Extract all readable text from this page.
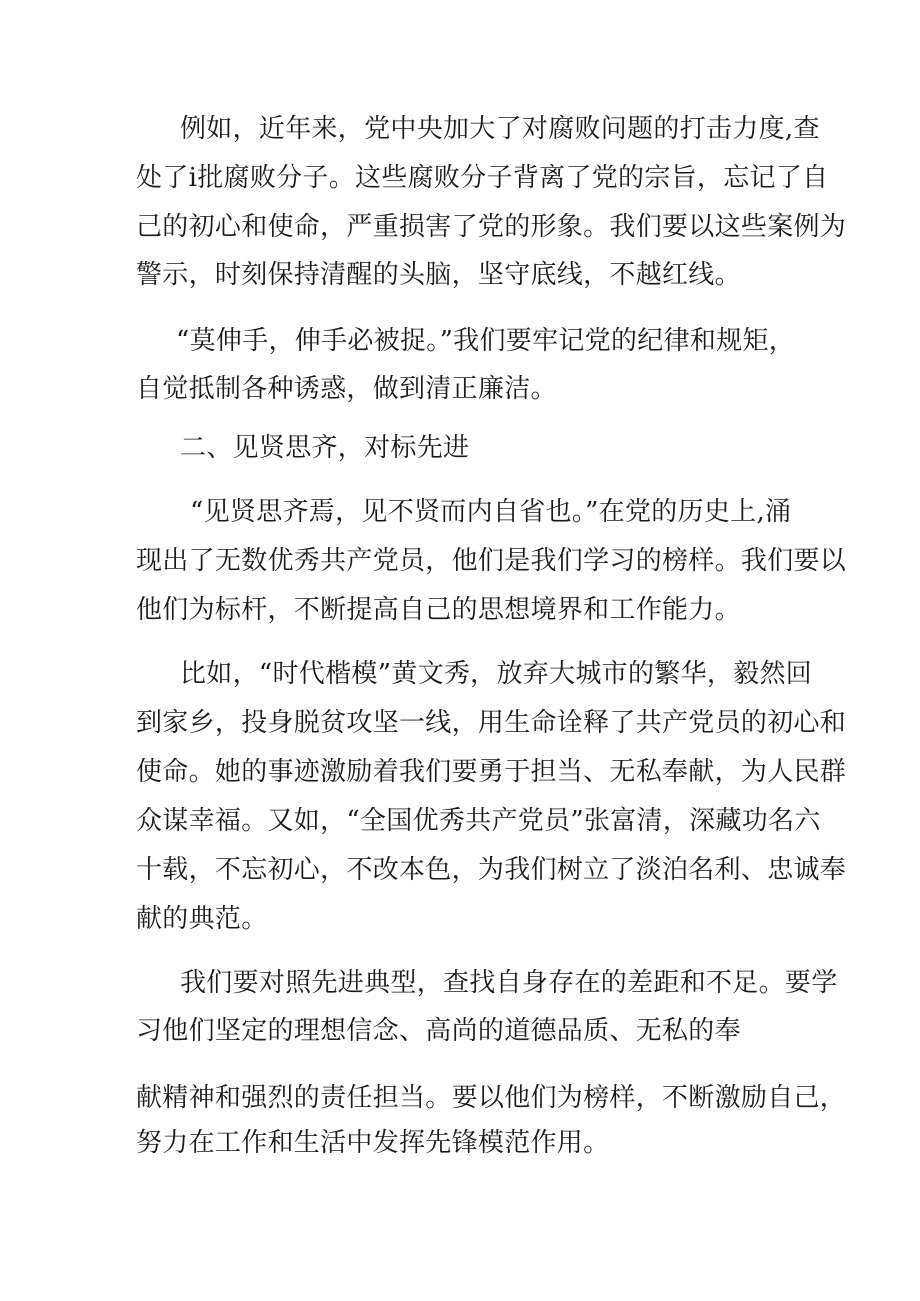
例如，近年来，党中央加大了对腐败问题的打击力度,查
处了i批腐败分子。这些腐败分子背离了党的宗旨，忘记了自
己的初心和使命，严重损害了党的形象。我们要以这些案例为
警示，时刻保持清醒的头脑，坚守底线，不越红线。
“莫伸手，伸手必被捉。”我们要牢记党的纪律和规矩，
自觉抵制各种诱惑，做到清正廉洁。
二、见贤思齐，对标先进
“见贤思齐焉，见不贤而内自省也。”在党的历史上,涌
现出了无数优秀共产党员，他们是我们学习的榜样。我们要以
他们为标杆，不断提高自己的思想境界和工作能力。
比如，“时代楷模”黄文秀，放弃大城市的繁华，毅然回
到家乡，投身脱贫攻坚一线，用生命诠释了共产党员的初心和
使命。她的事迹激励着我们要勇于担当、无私奉献，为人民群
众谋幸福。又如，“全国优秀共产党员”张富清，深藏功名六
十载，不忘初心，不改本色，为我们树立了淡泊名利、忠诚奉
献的典范。
我们要对照先进典型，查找自身存在的差距和不足。要学
习他们坚定的理想信念、高尚的道德品质、无私的奉
献精神和强烈的责任担当。要以他们为榜样，不断激励自己，
努力在工作和生活中发挥先锋模范作用。
